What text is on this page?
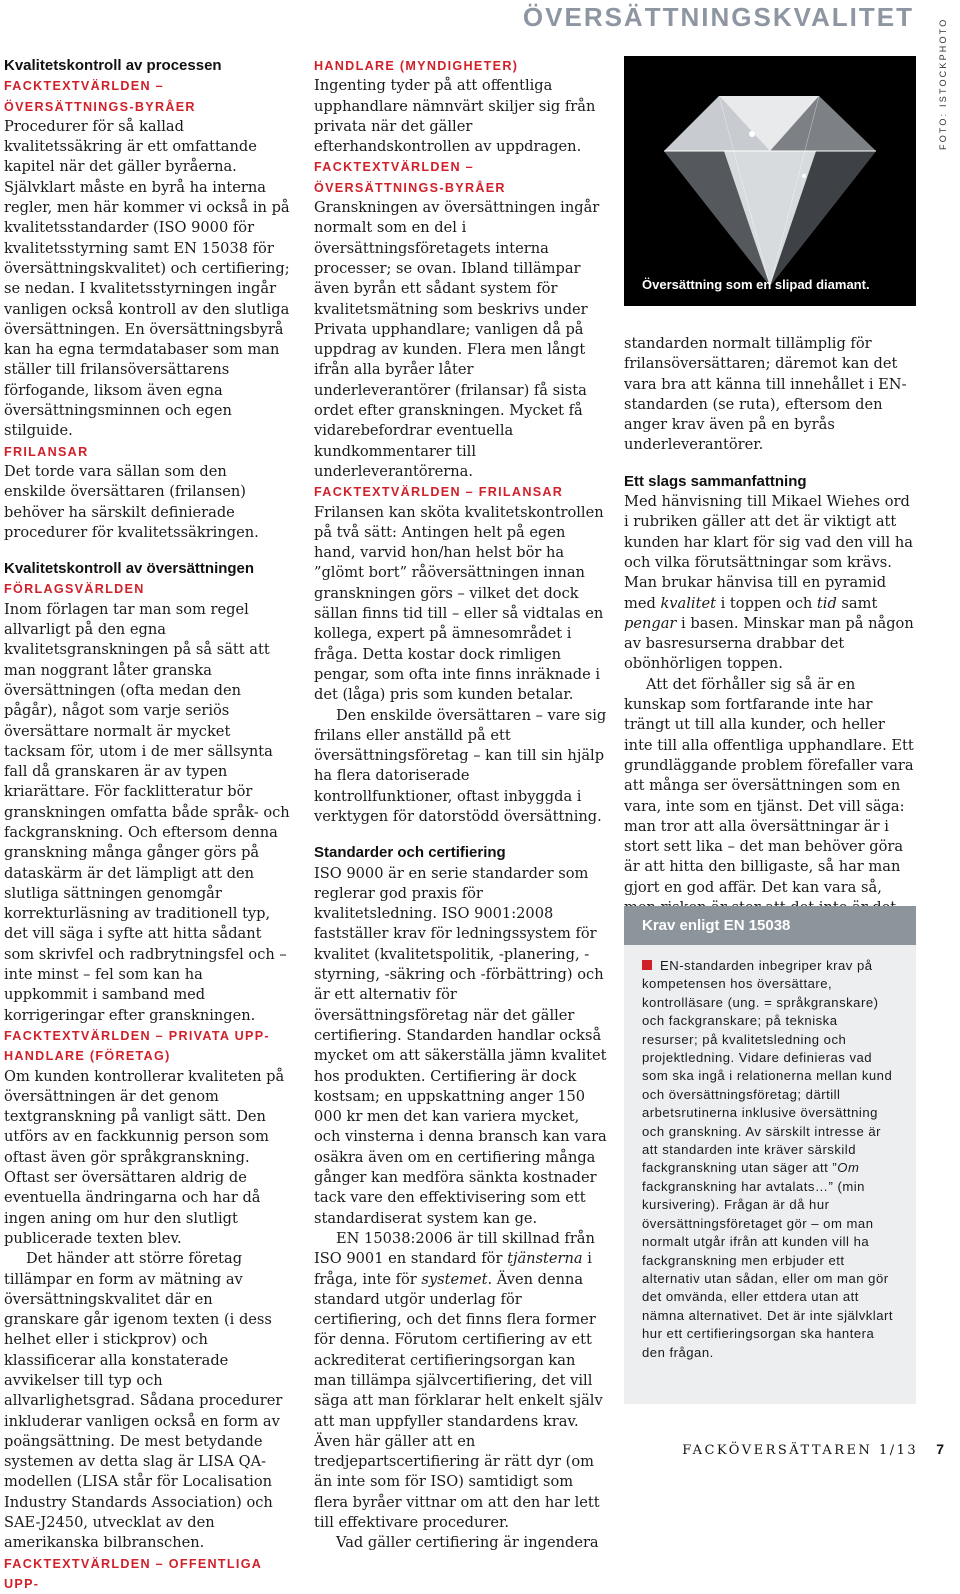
ÖVERSÄTTNINGSKVALITET
Kvalitetskontroll av processen
FACKTEXTVÄRLDEN – ÖVERSÄTTNINGS-BYRÅER

Procedurer för så kallad kvalitetssäkring är ett omfattande kapitel när det gäller byråerna. Självklart måste en byrå ha interna regler, men här kommer vi också in på kvalitetsstandarder (ISO 9000 för kvalitetsstyrning samt EN 15038 för översättningskvalitet) och certifiering; se nedan. I kvalitetsstyrningen ingår vanligen också kontroll av den slutliga översättningen. En översättningsbyrå kan ha egna termdatabaser som man ställer till frilansöversättarens förfogande, liksom även egna översättningsminnen och egen stilguide.

FRILANSAR

Det torde vara sällan som den enskilde översättaren (frilansen) behöver ha särskilt definierade procedurer för kvalitetssäkringen.

Kvalitetskontroll av översättningen
FÖRLAGSVÄRLDEN

Inom förlagen tar man som regel allvarligt på den egna kvalitetsgranskningen på så sätt att man noggrant låter granska översättningen (ofta medan den pågår), något som varje seriös översättare normalt är mycket tacksam för, utom i de mer sällsynta fall då granskaren är av typen kriarättare. För facklitteratur bör granskningen omfatta både språk- och fackgranskning. Och eftersom denna granskning många gånger görs på dataskärm är det lämpligt att den slutliga sättningen genomgår korrekturläsning av traditionell typ, det vill säga i syfte att hitta sådant som skrivfel och radbrytningsfel och – inte minst – fel som kan ha uppkommit i samband med korrigeringar efter granskningen.

FACKTEXTVÄRLDEN – PRIVATA UPP-HANDLARE (FÖRETAG)

Om kunden kontrollerar kvaliteten på översättningen är det genom textgranskning på vanligt sätt. Den utförs av en fackkunnig person som oftast även gör språkgranskning. Oftast ser översättaren aldrig de eventuella ändringarna och har då ingen aning om hur den slutligt publicerade texten blev.

Det händer att större företag tillämpar en form av mätning av översättningskvalitet där en granskare går igenom texten (i dess helhet eller i stickprov) och klassificerar alla konstaterade avvikelser till typ och allvarlighetsgrad. Sådana procedurer inkluderar vanligen också en form av poängsättning. De mest betydande systemen av detta slag är LISA QA-modellen (LISA står för Localisation Industry Standards Association) och SAE-J2450, utvecklat av den amerikanska bilbranschen.

FACKTEXTVÄRLDEN – OFFENTLIGA UPP-
HANDLARE (MYNDIGHETER)

Ingenting tyder på att offentliga upphandlare nämnvärt skiljer sig från privata när det gäller efterhandskontrollen av uppdragen.

FACKTEXTVÄRLDEN – ÖVERSÄTTNINGS-BYRÅER

Granskningen av översättningen ingår normalt som en del i översättningsföretagets interna processer; se ovan. Ibland tillämpar även byrån ett sådant system för kvalitetsmätning som beskrivs under Privata upphandlare; vanligen då på uppdrag av kunden. Flera men långt ifrån alla byråer låter underleverantörer (frilansar) få sista ordet efter granskningen. Mycket få vidarebefordrar eventuella kundkommentarer till underleverantörerna.

FACKTEXTVÄRLDEN – FRILANSAR

Frilansen kan sköta kvalitetskontrollen på två sätt: Antingen helt på egen hand, varvid hon/han helst bör ha ”glömt bort” råöversättningen innan granskningen görs – vilket det dock sällan finns tid till – eller så vidtalas en kollega, expert på ämnesområdet i fråga. Detta kostar dock rimligen pengar, som ofta inte finns inräknade i det (låga) pris som kunden betalar.

Den enskilde översättaren – vare sig frilans eller anställd på ett översättningsföretag – kan till sin hjälp ha flera datoriserade kontrollfunktioner, oftast inbyggda i verktygen för datorstödd översättning.

Standarder och certifiering

ISO 9000 är en serie standarder som reglerar god praxis för kvalitetsledning. ISO 9001:2008 fastställer krav för ledningssystem för kvalitet (kvalitetspolitik, -planering, -styrning, -säkring och -förbättring) och är ett alternativ för översättningsföretag när det gäller certifiering. Standarden handlar också mycket om att säkerställa jämn kvalitet hos produkten. Certifiering är dock kostsam; en uppskattning anger 150 000 kr men det kan variera mycket, och vinsterna i denna bransch kan vara osäkra även om en certifiering många gånger kan medföra sänkta kostnader tack vare den effektivisering som ett standardiserat system kan ge.

EN 15038:2006 är till skillnad från ISO 9001 en standard för tjänsterna i fråga, inte för systemet. Även denna standard utgör underlag för certifiering, och det finns flera former för denna. Förutom certifiering av ett ackrediterat certifieringsorgan kan man tillämpa självcertifiering, det vill säga att man förklarar helt enkelt själv att man uppfyller standardens krav. Även här gäller att en tredjepartscertifiering är rätt dyr (om än inte som för ISO) samtidigt som flera byråer vittnar om att den har lett till effektivare procedurer.

Vad gäller certifiering är ingendera

Översättning som en slipad diamant.
FOTO: ISTOCKPHOTO

standarden normalt tillämplig för frilansöversättaren; däremot kan det vara bra att känna till innehållet i EN-standarden (se ruta), eftersom den anger krav även på en byrås underleverantörer.

Ett slags sammanfattning

Med hänvisning till Mikael Wiehes ord i rubriken gäller att det är viktigt att kunden har klart för sig vad den vill ha och vilka förutsättningar som krävs. Man brukar hänvisa till en pyramid med kvalitet i toppen och tid samt pengar i basen. Minskar man på någon av basresurserna drabbar det obönhörligen toppen.

Att det förhåller sig så är en kunskap som fortfarande inte har trängt ut till alla kunder, och heller inte till alla offentliga upphandlare. Ett grundläggande problem förefaller vara att många ser översättningen som en vara, inte som en tjänst. Det vill säga: man tror att alla översättningar är i stort sett lika – det man behöver göra är att hitta den billigaste, så har man gjort en god affär. Det kan vara så,

Krav enligt EN 15038
EN-standarden inbegriper krav på kompetensen hos översättare, kontrolläsare (ung. = språkgranskare) och fackgranskare; på tekniska resurser; på kvalitetsledning och projektledning. Vidare definieras vad som ska ingå i relationerna mellan kund och översättningsföretag; därtill arbetsrutinerna inklusive översättning och granskning. Av särskilt intresse är att standarden inte kräver särskild fackgranskning utan säger att ”Om fackgranskning har avtalats…” (min kursivering). Frågan är då hur översättningsföretaget gör – om man normalt utgår ifrån att kunden vill ha fackgranskning men erbjuder ett alternativ utan sådan, eller om man gör det omvända, eller ettdera utan att nämna alternativet. Det är inte självklart hur ett certifieringsorgan ska hantera den frågan.
FACKÖVERSÄTTAREN 1/13 7
